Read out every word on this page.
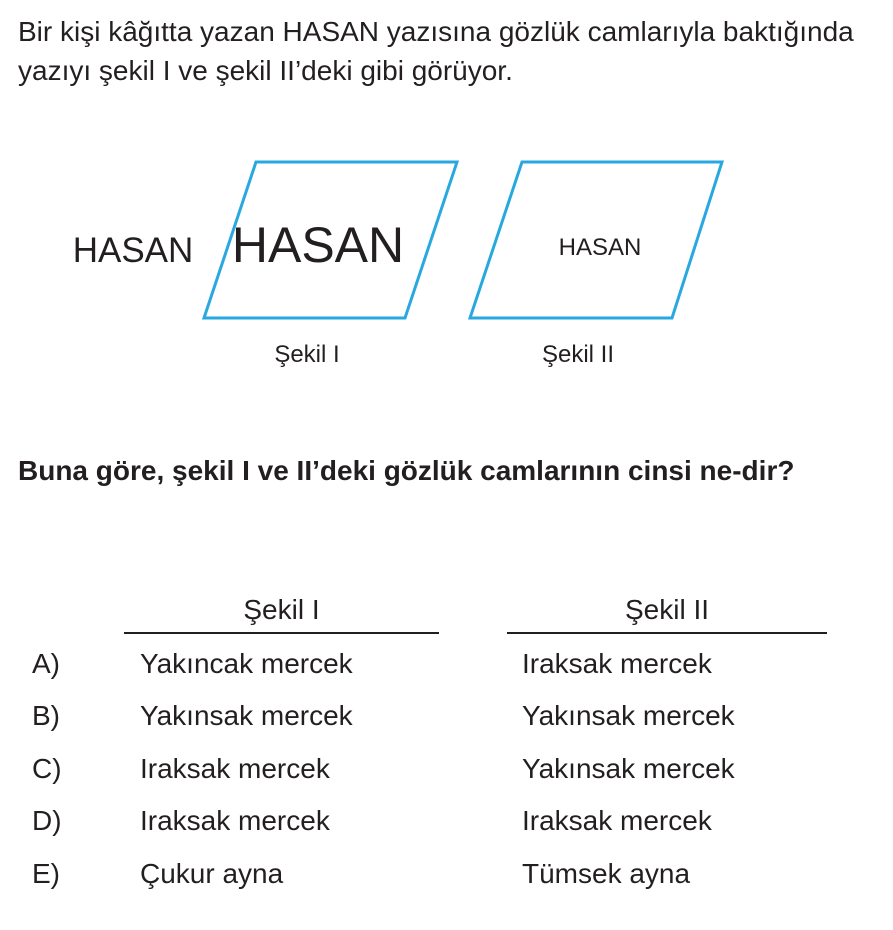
Bir kişi kâğıtta yazan HASAN yazısına gözlük camlarıyla baktığında yazıyı şekil I ve şekil II’deki gibi görüyor.

HASAN HASAN	HASAN
Şekil I	Şekil II

Buna göre, şekil I ve II’deki gözlük camlarının cinsi ne-dir?

Şekil I	Şekil II
A)	Yakıncak mercek	Iraksak mercek
B)	Yakınsak mercek	Yakınsak mercek
C)	Iraksak mercek	Yakınsak mercek
D)	Iraksak mercek	Iraksak mercek
E)	Çukur ayna	Tümsek ayna
